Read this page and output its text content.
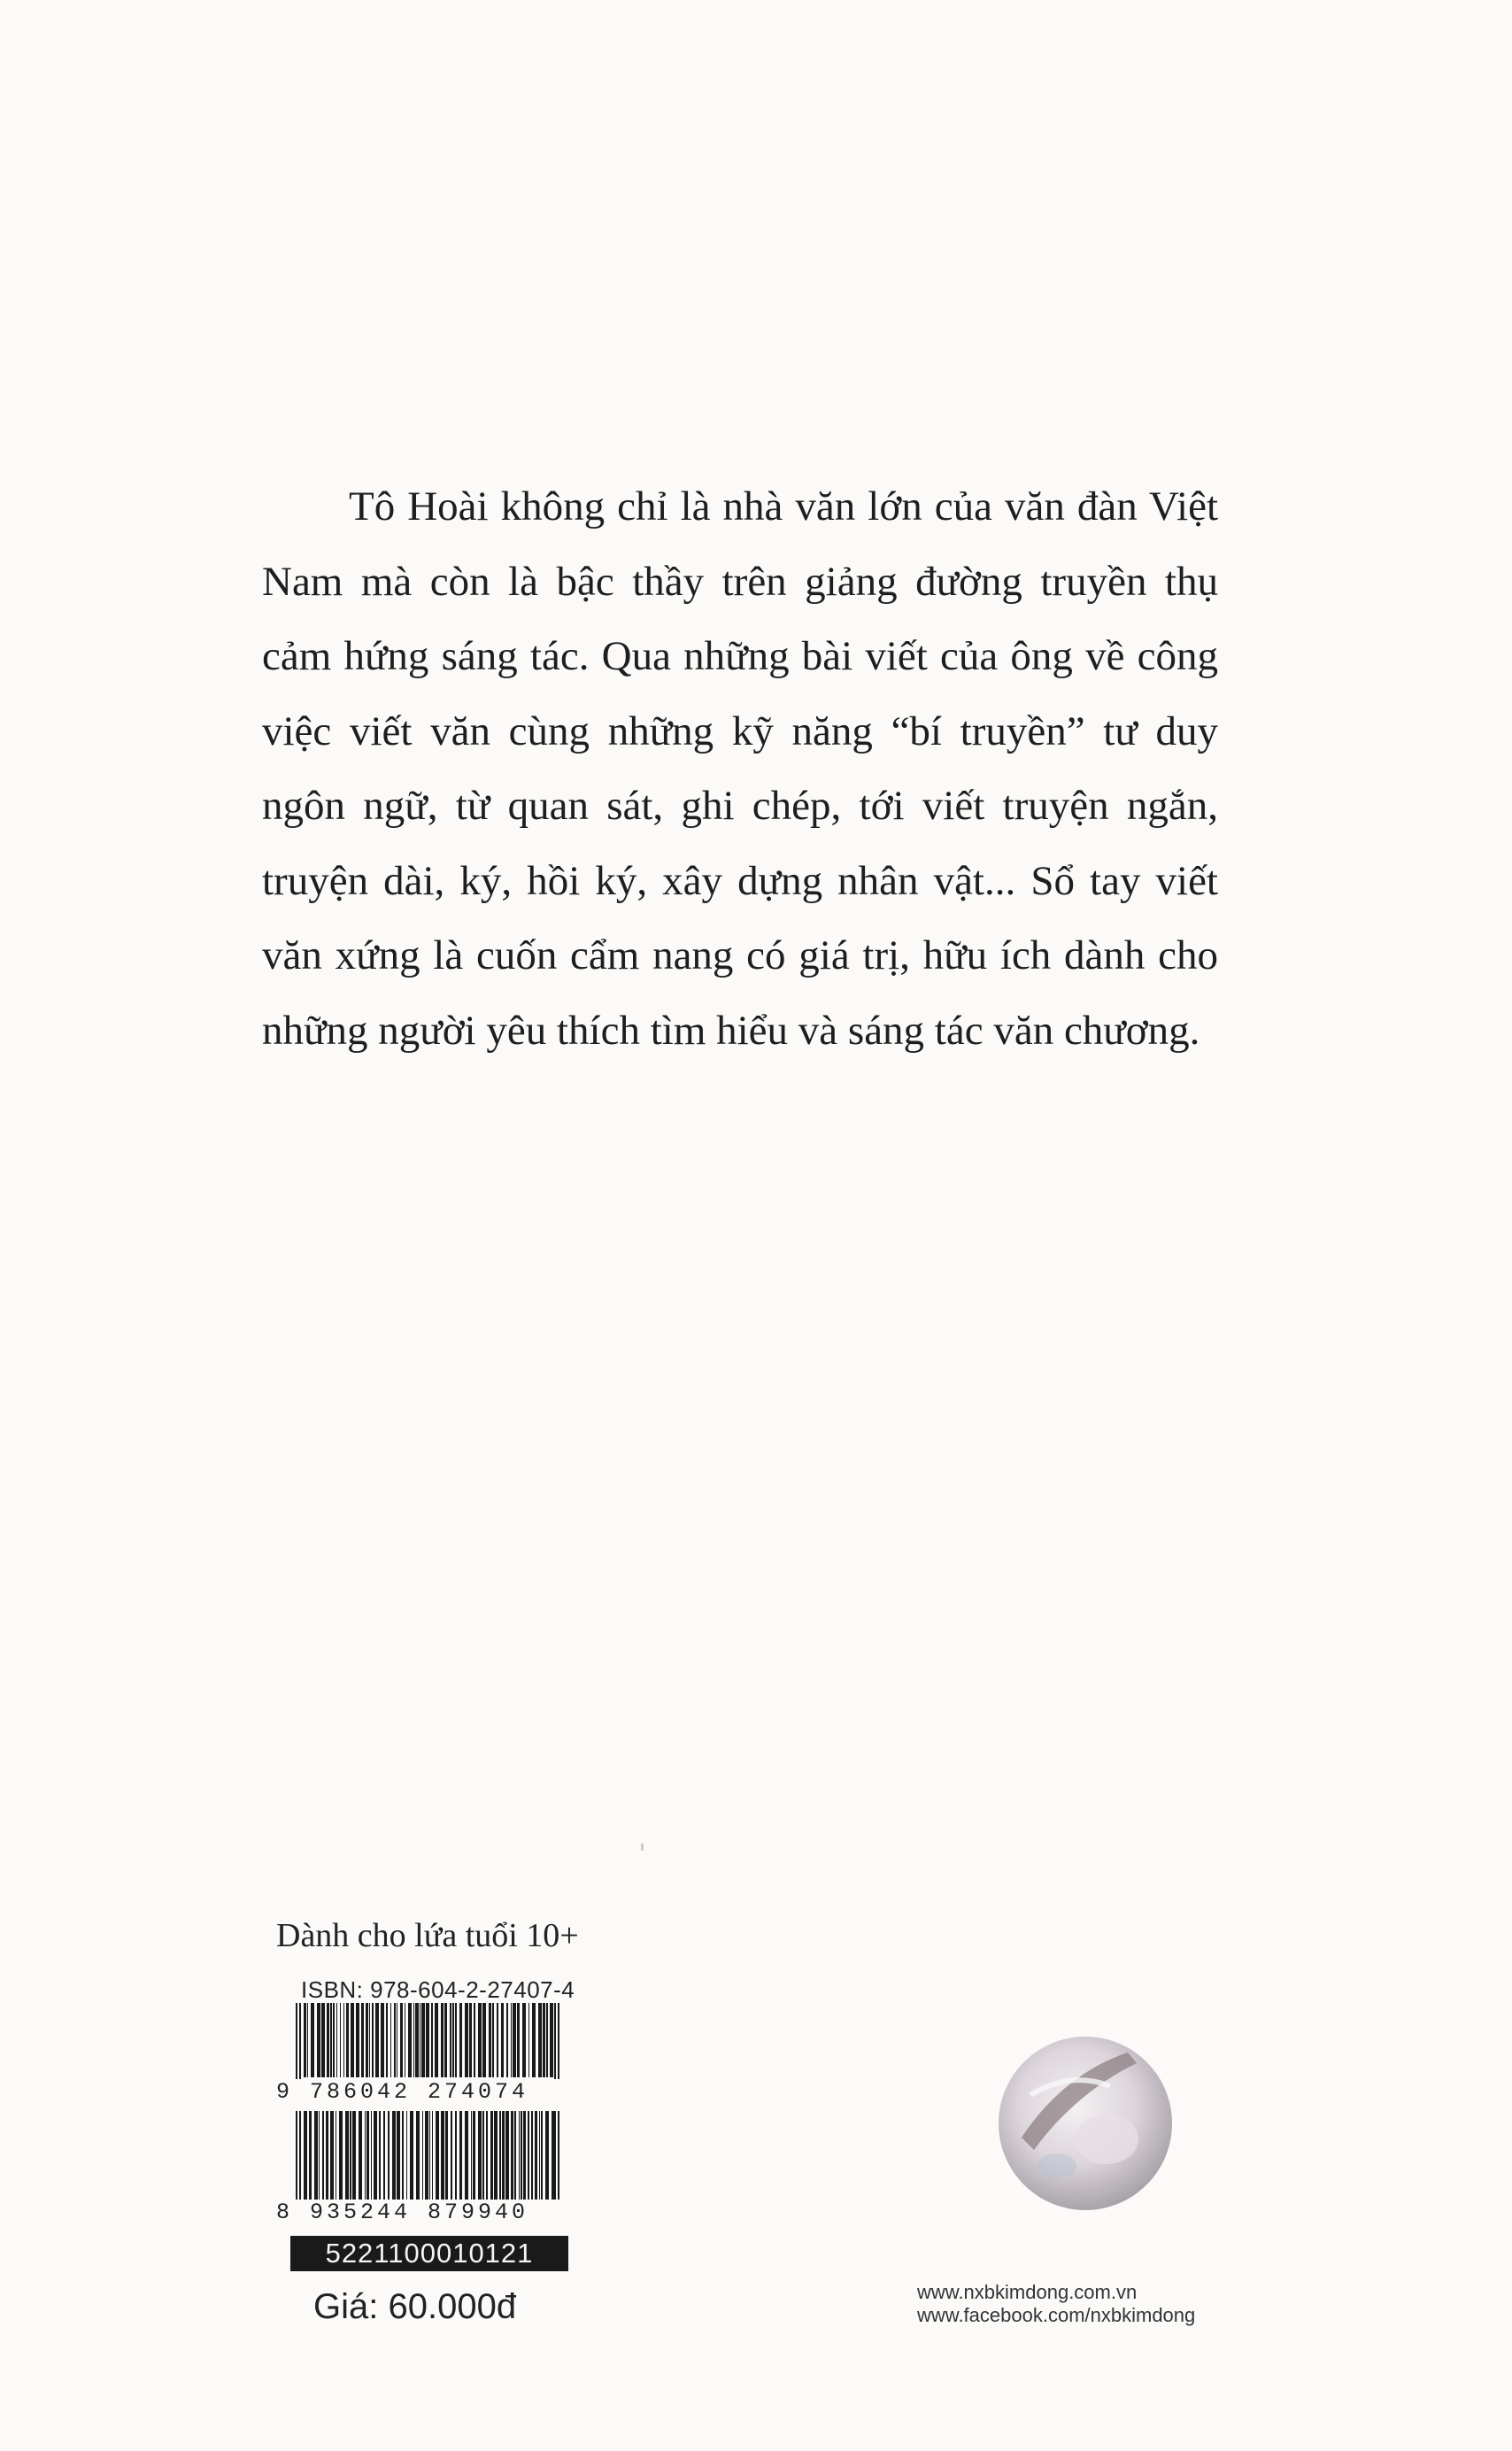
Tô Hoài không chỉ là nhà văn lớn của văn đàn Việt Nam mà còn là bậc thầy trên giảng đường truyền thụ cảm hứng sáng tác. Qua những bài viết của ông về công việc viết văn cùng những kỹ năng “bí truyền” tư duy ngôn ngữ, từ quan sát, ghi chép, tới viết truyện ngắn, truyện dài, ký, hồi ký, xây dựng nhân vật... Sổ tay viết văn xứng là cuốn cẩm nang có giá trị, hữu ích dành cho những người yêu thích tìm hiểu và sáng tác văn chương.

Dành cho lứa tuổi 10+
ISBN: 978-604-2-27407-4
9 786042 274074
8 935244 879940
5221100010121
Giá: 60.000đ	www.nxbkimdong.com.vn
www.facebook.com/nxbkimdong
